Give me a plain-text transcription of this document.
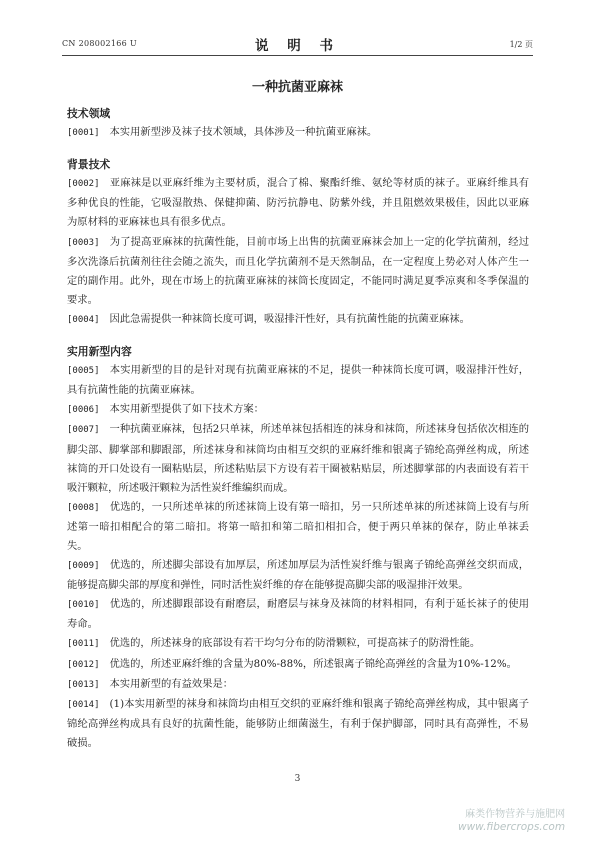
CN 208002166 U	说 明 书	1/2 页
一种抗菌亚麻袜
技术领域
[0001] 本实用新型涉及袜子技术领域，具体涉及一种抗菌亚麻袜。
背景技术
[0002] 亚麻袜是以亚麻纤维为主要材质，混合了棉、聚酯纤维、氨纶等材质的袜子。亚麻纤维具有多种优良的性能，它吸湿散热、保健抑菌、防污抗静电、防紫外线，并且阻燃效果极佳，因此以亚麻为原材料的亚麻袜也具有很多优点。
[0003] 为了提高亚麻袜的抗菌性能，目前市场上出售的抗菌亚麻袜会加上一定的化学抗菌剂，经过多次洗涤后抗菌剂往往会随之流失，而且化学抗菌剂不是天然制品，在一定程度上势必对人体产生一定的副作用。此外，现在市场上的抗菌亚麻袜的袜筒长度固定，不能同时满足夏季凉爽和冬季保温的要求。
[0004] 因此急需提供一种袜筒长度可调，吸湿排汗性好，具有抗菌性能的抗菌亚麻袜。
实用新型内容
[0005] 本实用新型的目的是针对现有抗菌亚麻袜的不足，提供一种袜筒长度可调，吸湿排汗性好，具有抗菌性能的抗菌亚麻袜。
[0006] 本实用新型提供了如下技术方案：
[0007] 一种抗菌亚麻袜，包括2只单袜，所述单袜包括相连的袜身和袜筒，所述袜身包括依次相连的脚尖部、脚掌部和脚跟部，所述袜身和袜筒均由相互交织的亚麻纤维和银离子锦纶高弹丝构成，所述袜筒的开口处设有一圈粘贴层，所述粘贴层下方设有若干圈被粘贴层，所述脚掌部的内表面设有若干吸汗颗粒，所述吸汗颗粒为活性炭纤维编织而成。
[0008] 优选的，一只所述单袜的所述袜筒上设有第一暗扣，另一只所述单袜的所述袜筒上设有与所述第一暗扣相配合的第二暗扣。将第一暗扣和第二暗扣相扣合，便于两只单袜的保存，防止单袜丢失。
[0009] 优选的，所述脚尖部设有加厚层，所述加厚层为活性炭纤维与银离子锦纶高弹丝交织而成，能够提高脚尖部的厚度和弹性，同时活性炭纤维的存在能够提高脚尖部的吸湿排汗效果。
[0010] 优选的，所述脚跟部设有耐磨层，耐磨层与袜身及袜筒的材料相同，有利于延长袜子的使用寿命。
[0011] 优选的，所述袜身的底部设有若干均匀分布的防滑颗粒，可提高袜子的防滑性能。
[0012] 优选的，所述亚麻纤维的含量为80%-88%，所述银离子锦纶高弹丝的含量为10%-12%。
[0013] 本实用新型的有益效果是：
[0014] (1)本实用新型的袜身和袜筒均由相互交织的亚麻纤维和银离子锦纶高弹丝构成，其中银离子锦纶高弹丝构成具有良好的抗菌性能，能够防止细菌滋生，有利于保护脚部，同时具有高弹性，不易破损。
3
麻类作物营养与施肥网
www.fibercrops.com
